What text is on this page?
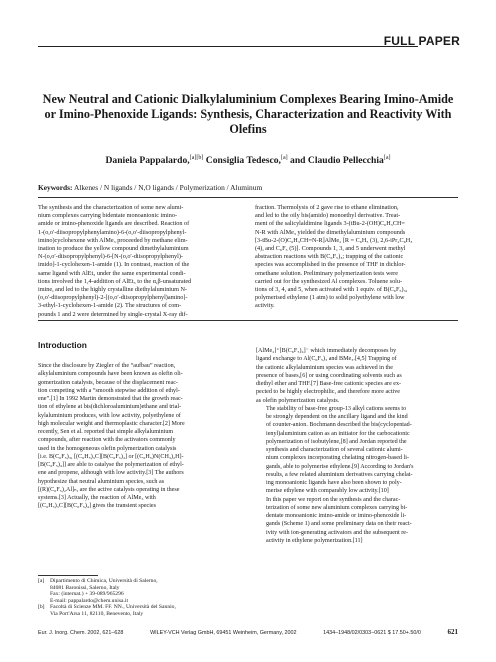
FULL PAPER
New Neutral and Cationic Dialkylaluminium Complexes Bearing Imino-Amide
or Imino-Phenoxide Ligands: Synthesis, Characterization and Reactivity With
Olefins
Daniela Pappalardo,[a][b] Consiglia Tedesco,[a] and Claudio Pellecchia[a]
Keywords: Alkenes / N ligands / N,O ligands / Polymerization / Aluminum
The synthesis and the characterization of some new alumi-
nium complexes carrying bidentate monoanionic imino-
amide or imino-phenoxide ligands are described. Reaction of
1-(o,o′-diisopropylphenylamino)-6-(o,o′-diisopropylphenyl-
imino)cyclohexene with AlMe₃ proceeded by methane elim-
ination to produce the yellow compound dimethylaluminium
N-(o,o′-diisopropylphenyl)-6-[N-(o,o′-diisopropylphenyl)-
imido]-1-cyclohexen-1-amide (1). In contrast, reaction of the
same ligand with AlEt₃ under the same experimental condi-
tions involved the 1,4-addition of AlEt₃ to the α,β-unsaturated
imine, and led to the highly crystalline diethylaluminium N-
(o,o′-diisopropylphenyl)-2-[(o,o′-diisopropylphenyl)amino]-
3-ethyl-1-cyclohexen-1-amide (2). The structures of com-
pounds 1 and 2 were determined by single-crystal X-ray dif-
fraction. Thermolysis of 2 gave rise to ethane elimination,
and led to the oily bis(amido) monoethyl derivative. Treat-
ment of the salicylaldimine ligands 3-(tBu-2-(OH)C₆H₃CH=
N-R with AlMe₃ yielded the dimethylaluminium compounds
[3-tBu-2-(O)C₆H₃CH=N-R]AlMe₂ [R = C₆H₅ (3), 2,6-iPr₂C₆H₃
(4), and C₆F₅ (5)]. Compounds 1, 3, and 5 underwent methyl
abstraction reactions with B(C₆F₅)₃; trapping of the cationic
species was accomplished in the presence of THF in dichlor-
omethane solution. Preliminary polymerization tests were
carried out for the synthesized Al complexes. Toluene solu-
tions of 3, 4, and 5, when activated with 1 equiv. of B(C₆F₅)₃,
polymerised ethylene (1 atm) to solid polyethylene with low
activity.
Introduction
Since the disclosure by Ziegler of the “aufbau” reaction,
alkylaluminium compounds have been known as olefin oli-
gomerization catalysts, because of the displacement reac-
tion competing with a “smooth stepwise addition of ethyl-
ene”.[1] In 1992 Martin demonstrated that the growth reac-
tion of ethylene at bis(dichloroaluminium)ethane and trial-
kylaluminium produces, with low activity, polyethylene of
high molecular weight and thermoplastic character.[2] More
recently, Sen et al. reported that simple alkylaluminium
compounds, after reaction with the activators commonly
used in the homogeneous olefin polymerization catalysis
[i.e. B(C₆F₅)₃, [(C₆H₅)₃C][B(C₆F₅)₄] or [(C₆H₅)N(CH₃)₂H]-
[B(C₆F₅)₄]] are able to catalyse the polymerization of ethyl-
ene and propene, although with low activity.[3] The authors
hypothesize that neutral aluminium species, such as
[(R)(C₆F₅)₂Al]ₙ, are the active catalysts operating in these
systems.[3] Actually, the reaction of AlMe₃ with
[(C₆H₅)₃C][B(C₆F₅)₄] gives the transient species
[AlMe₂]⁺[B(C₆F₅)₄]⁻ which immediately decomposes by
ligand exchange to Al(C₆F₅)₃ and BMe₃.[4,5] Trapping of
the cationic alkylaluminium species was achieved in the
presence of bases,[6] or using coordinating solvents such as
diethyl ether and THF.[7] Base-free cationic species are ex-
pected to be highly electrophilic, and therefore more active
as olefin polymerization catalysts.
The stability of base-free group-13 alkyl cations seems to
be strongly dependent on the ancillary ligand and the kind
of counter-anion. Bochmann described the bis(cyclopentad-
ienyl)aluminium cation as an initiator for the carbocationic
polymerization of isobutylene,[8] and Jordan reported the
synthesis and characterization of several cationic alumi-
nium complexes incorporating chelating nitrogen-based li-
gands, able to polymerise ethylene.[9] According to Jordan's
results, a few related aluminium derivatives carrying chelat-
ing monoanionic ligands have also been shown to poly-
merise ethylene with comparably low activity.[10]
In this paper we report on the synthesis and the charac-
terization of some new aluminium complexes carrying bi-
dentate monoanionic imino-amide or imino-phenoxide li-
gands (Scheme 1) and some preliminary data on their react-
ivity with ion-generating activators and the subsequent re-
activity in ethylene polymerization.[11]
[a]	Dipartimento di Chimica, Università di Salerno,
84081 Baronissi, Salerno, Italy
Fax: (internat.) + 39-089/965296
E-mail: pappalardo@chem.unisa.it
[b] Facoltà di Scienze MM. FF. NN., Università del Sannio,
Via Port'Arsa 11, 82110, Benevento, Italy
Eur. J. Inorg. Chem. 2002, 621–628	WILEY-VCH Verlag GmbH, 69451 Weinheim, Germany, 2002	1434–1948/02/0303−0621 $ 17.50+.50/0	621
